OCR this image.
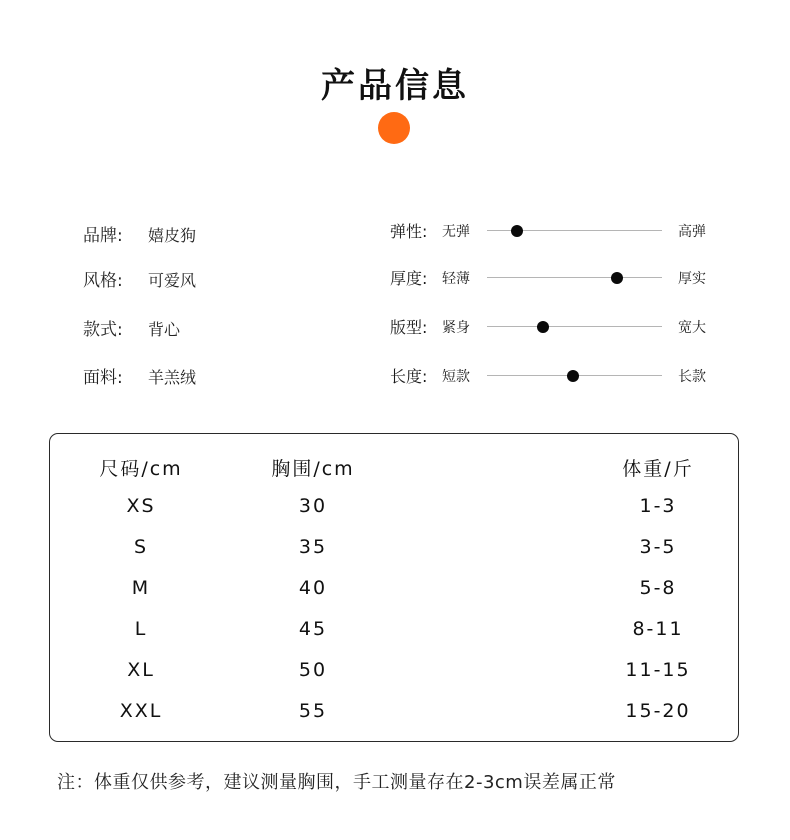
产品信息
品牌: 嬉皮狗
风格: 可爱风
款式: 背心
面料: 羊羔绒
弹性: 无弹	高弹
厚度: 轻薄	厚实
版型: 紧身	宽大
长度: 短款	长款
尺码/cm	胸围/cm	体重/斤
XS	30	1-3
S	35	3-5
M	40	5-8
L	45	8-11
XL	50	11-15
XXL	55	15-20
注：体重仅供参考，建议测量胸围，手工测量存在2-3cm误差属正常
